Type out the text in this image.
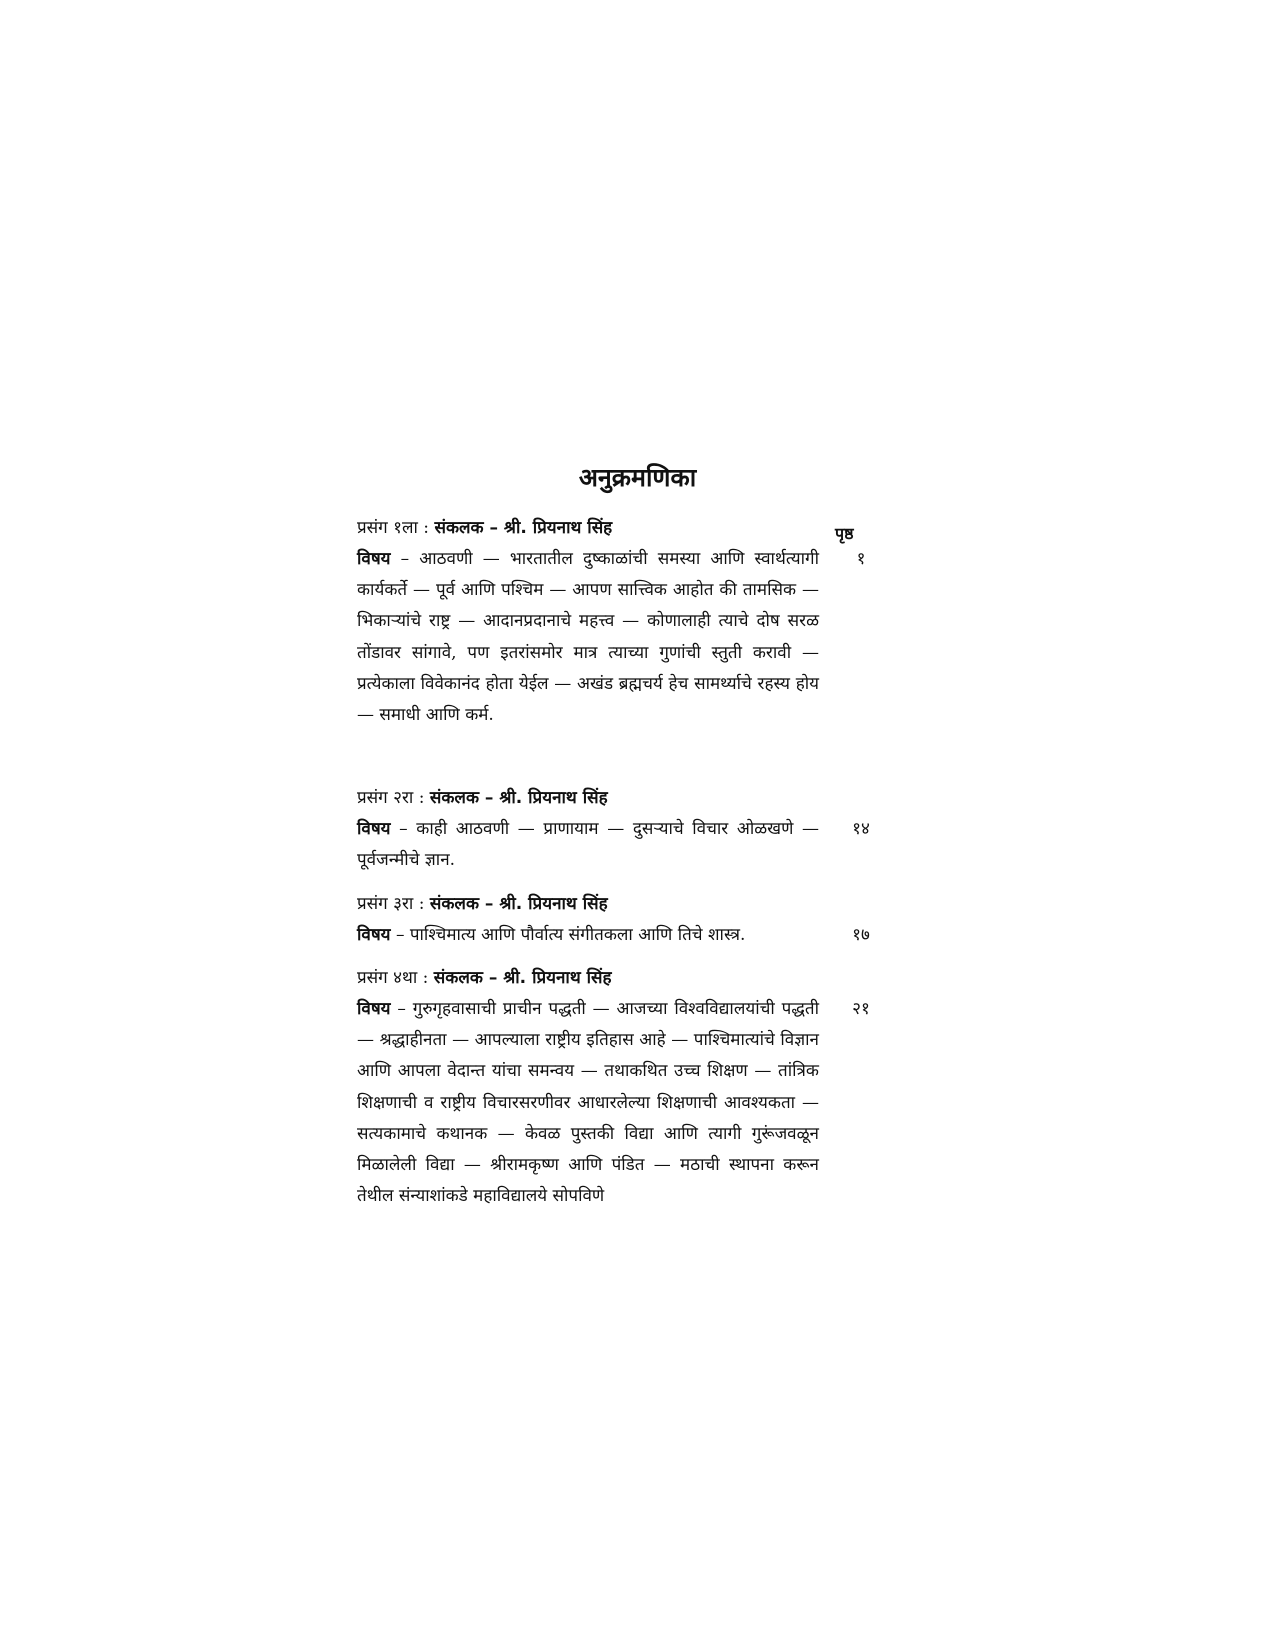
अनुक्रमणिका
पृष्ठ
प्रसंग १ला : संकलक – श्री. प्रियनाथ सिंह
विषय – आठवणी — भारतातील दुष्काळांची समस्या आणि स्वार्थत्यागी कार्यकर्ते — पूर्व आणि पश्चिम — आपण सात्त्विक आहोत की तामसिक — भिकाऱ्यांचे राष्ट्र — आदानप्रदानाचे महत्त्व — कोणालाही त्याचे दोष सरळ तोंडावर सांगावे, पण इतरांसमोर मात्र त्याच्या गुणांची स्तुती करावी — प्रत्येकाला विवेकानंद होता येईल — अखंड ब्रह्मचर्य हेच सामर्थ्याचे रहस्य होय — समाधी आणि कर्म.
१
प्रसंग २रा : संकलक – श्री. प्रियनाथ सिंह
विषय – काही आठवणी — प्राणायाम — दुसऱ्याचे विचार ओळखणे — पूर्वजन्मीचे ज्ञान.
१४
प्रसंग ३रा : संकलक – श्री. प्रियनाथ सिंह
विषय – पाश्चिमात्य आणि पौर्वात्य संगीतकला आणि तिचे शास्त्र.	१७
प्रसंग ४था : संकलक – श्री. प्रियनाथ सिंह
विषय – गुरुगृहवासाची प्राचीन पद्धती — आजच्या विश्वविद्यालयांची पद्धती — श्रद्धाहीनता — आपल्याला राष्ट्रीय इतिहास आहे — पाश्चिमात्यांचे विज्ञान आणि आपला वेदान्त यांचा समन्वय — तथाकथित उच्च शिक्षण — तांत्रिक शिक्षणाची व राष्ट्रीय विचारसरणीवर आधारलेल्या शिक्षणाची आवश्यकता — सत्यकामाचे कथानक — केवळ पुस्तकी विद्या आणि त्यागी गुरूंजवळून मिळालेली विद्या — श्रीरामकृष्ण आणि पंडित — मठाची स्थापना करून तेथील संन्याशांकडे महाविद्यालये सोपविणे
२१
